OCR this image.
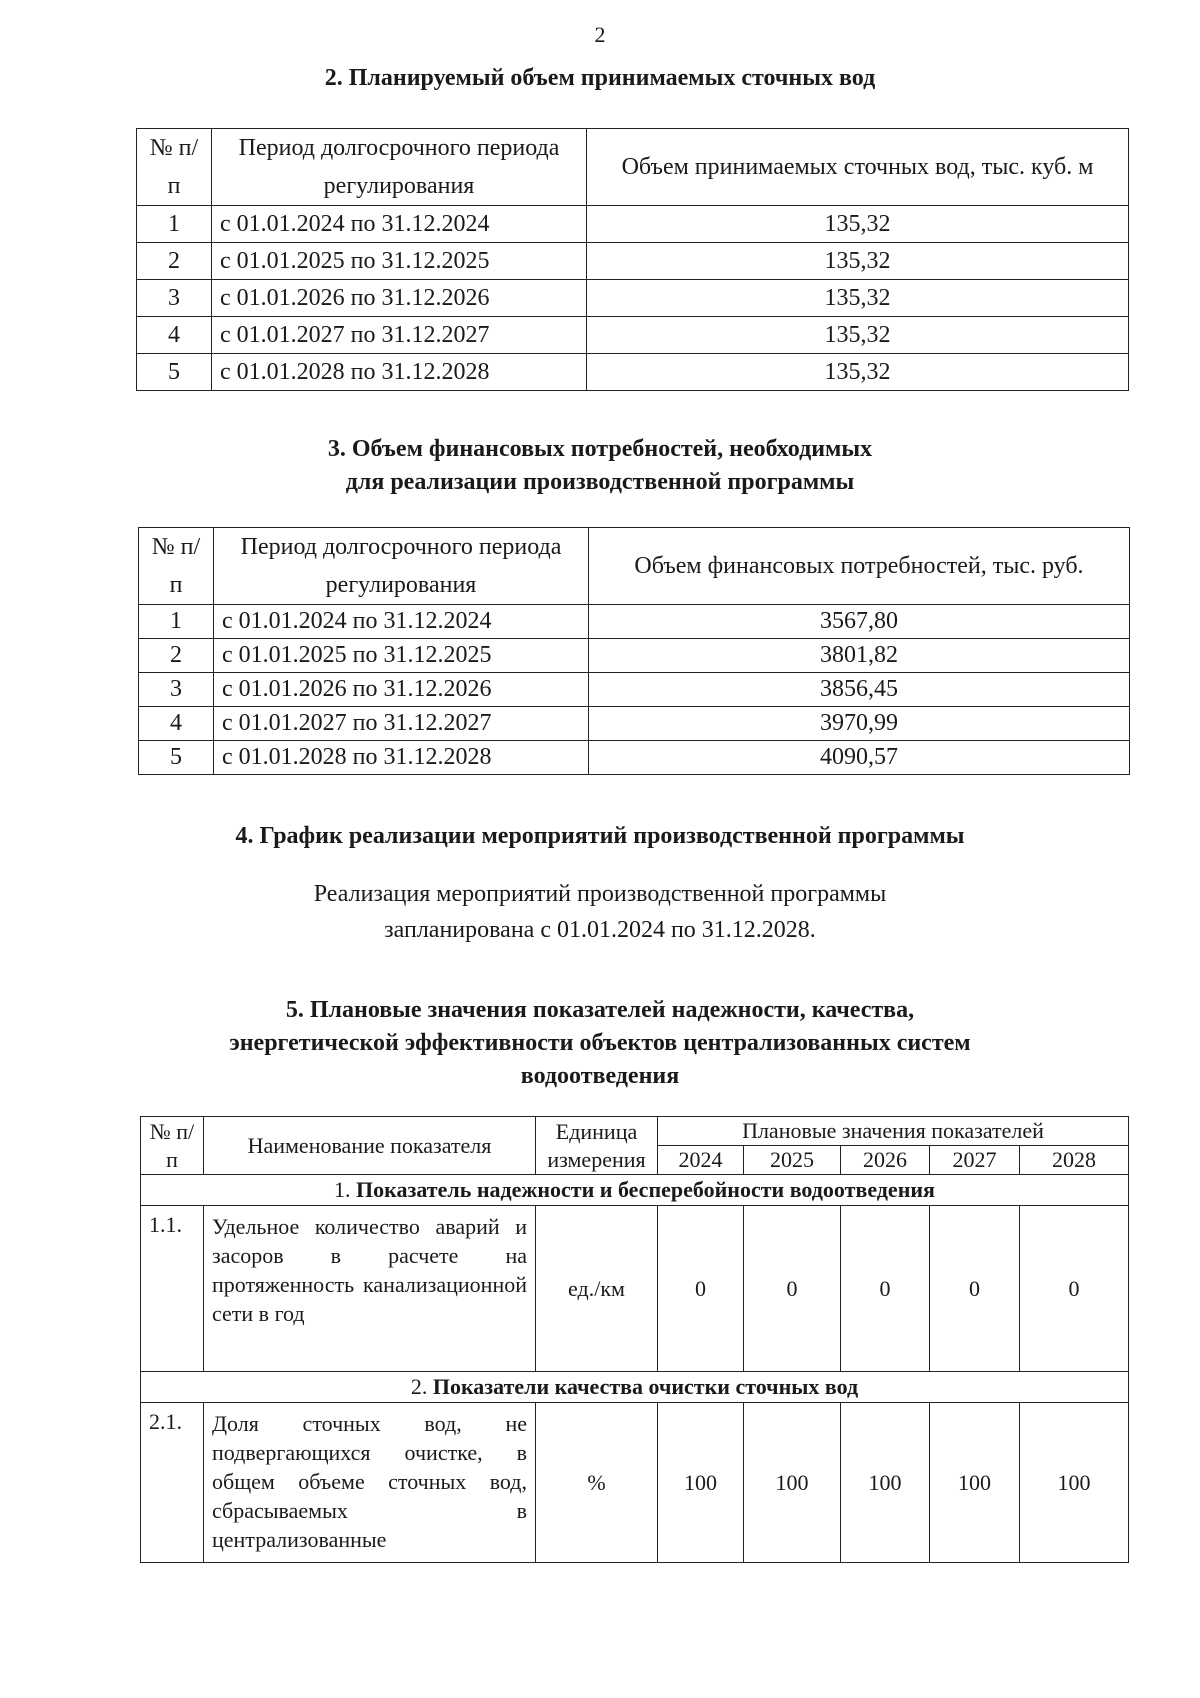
2
2. Планируемый объем принимаемых сточных вод
№ п/п	Период долгосрочного периода регулирования	Объем принимаемых сточных вод, тыс. куб. м
1	с 01.01.2024 по 31.12.2024	135,32
2	с 01.01.2025 по 31.12.2025	135,32
3	с 01.01.2026 по 31.12.2026	135,32
4	с 01.01.2027 по 31.12.2027	135,32
5	с 01.01.2028 по 31.12.2028	135,32
3. Объем финансовых потребностей, необходимых
для реализации производственной программы
№ п/п	Период долгосрочного периода регулирования	Объем финансовых потребностей, тыс. руб.
1	с 01.01.2024 по 31.12.2024	3567,80
2	с 01.01.2025 по 31.12.2025	3801,82
3	с 01.01.2026 по 31.12.2026	3856,45
4	с 01.01.2027 по 31.12.2027	3970,99
5	с 01.01.2028 по 31.12.2028	4090,57
4. График реализации мероприятий производственной программы
Реализация мероприятий производственной программы
запланирована с 01.01.2024 по 31.12.2028.
5. Плановые значения показателей надежности, качества,
энергетической эффективности объектов централизованных систем
водоотведения
№ п/п	Наименование показателя	Единица измерения	Плановые значения показателей				
			2024	2025	2026	2027	2028
1. Показатель надежности и бесперебойности водоотведения							
1.1.	Удельное количество аварий и засоров в расчете на протяженность канализационной сети в год	ед./км	0	0	0	0	0
2. Показатели качества очистки сточных вод							
2.1.	Доля сточных вод, не подвергающихся очистке, в общем объеме сточных вод, сбрасываемых в централизованные	%	100	100	100	100	100
